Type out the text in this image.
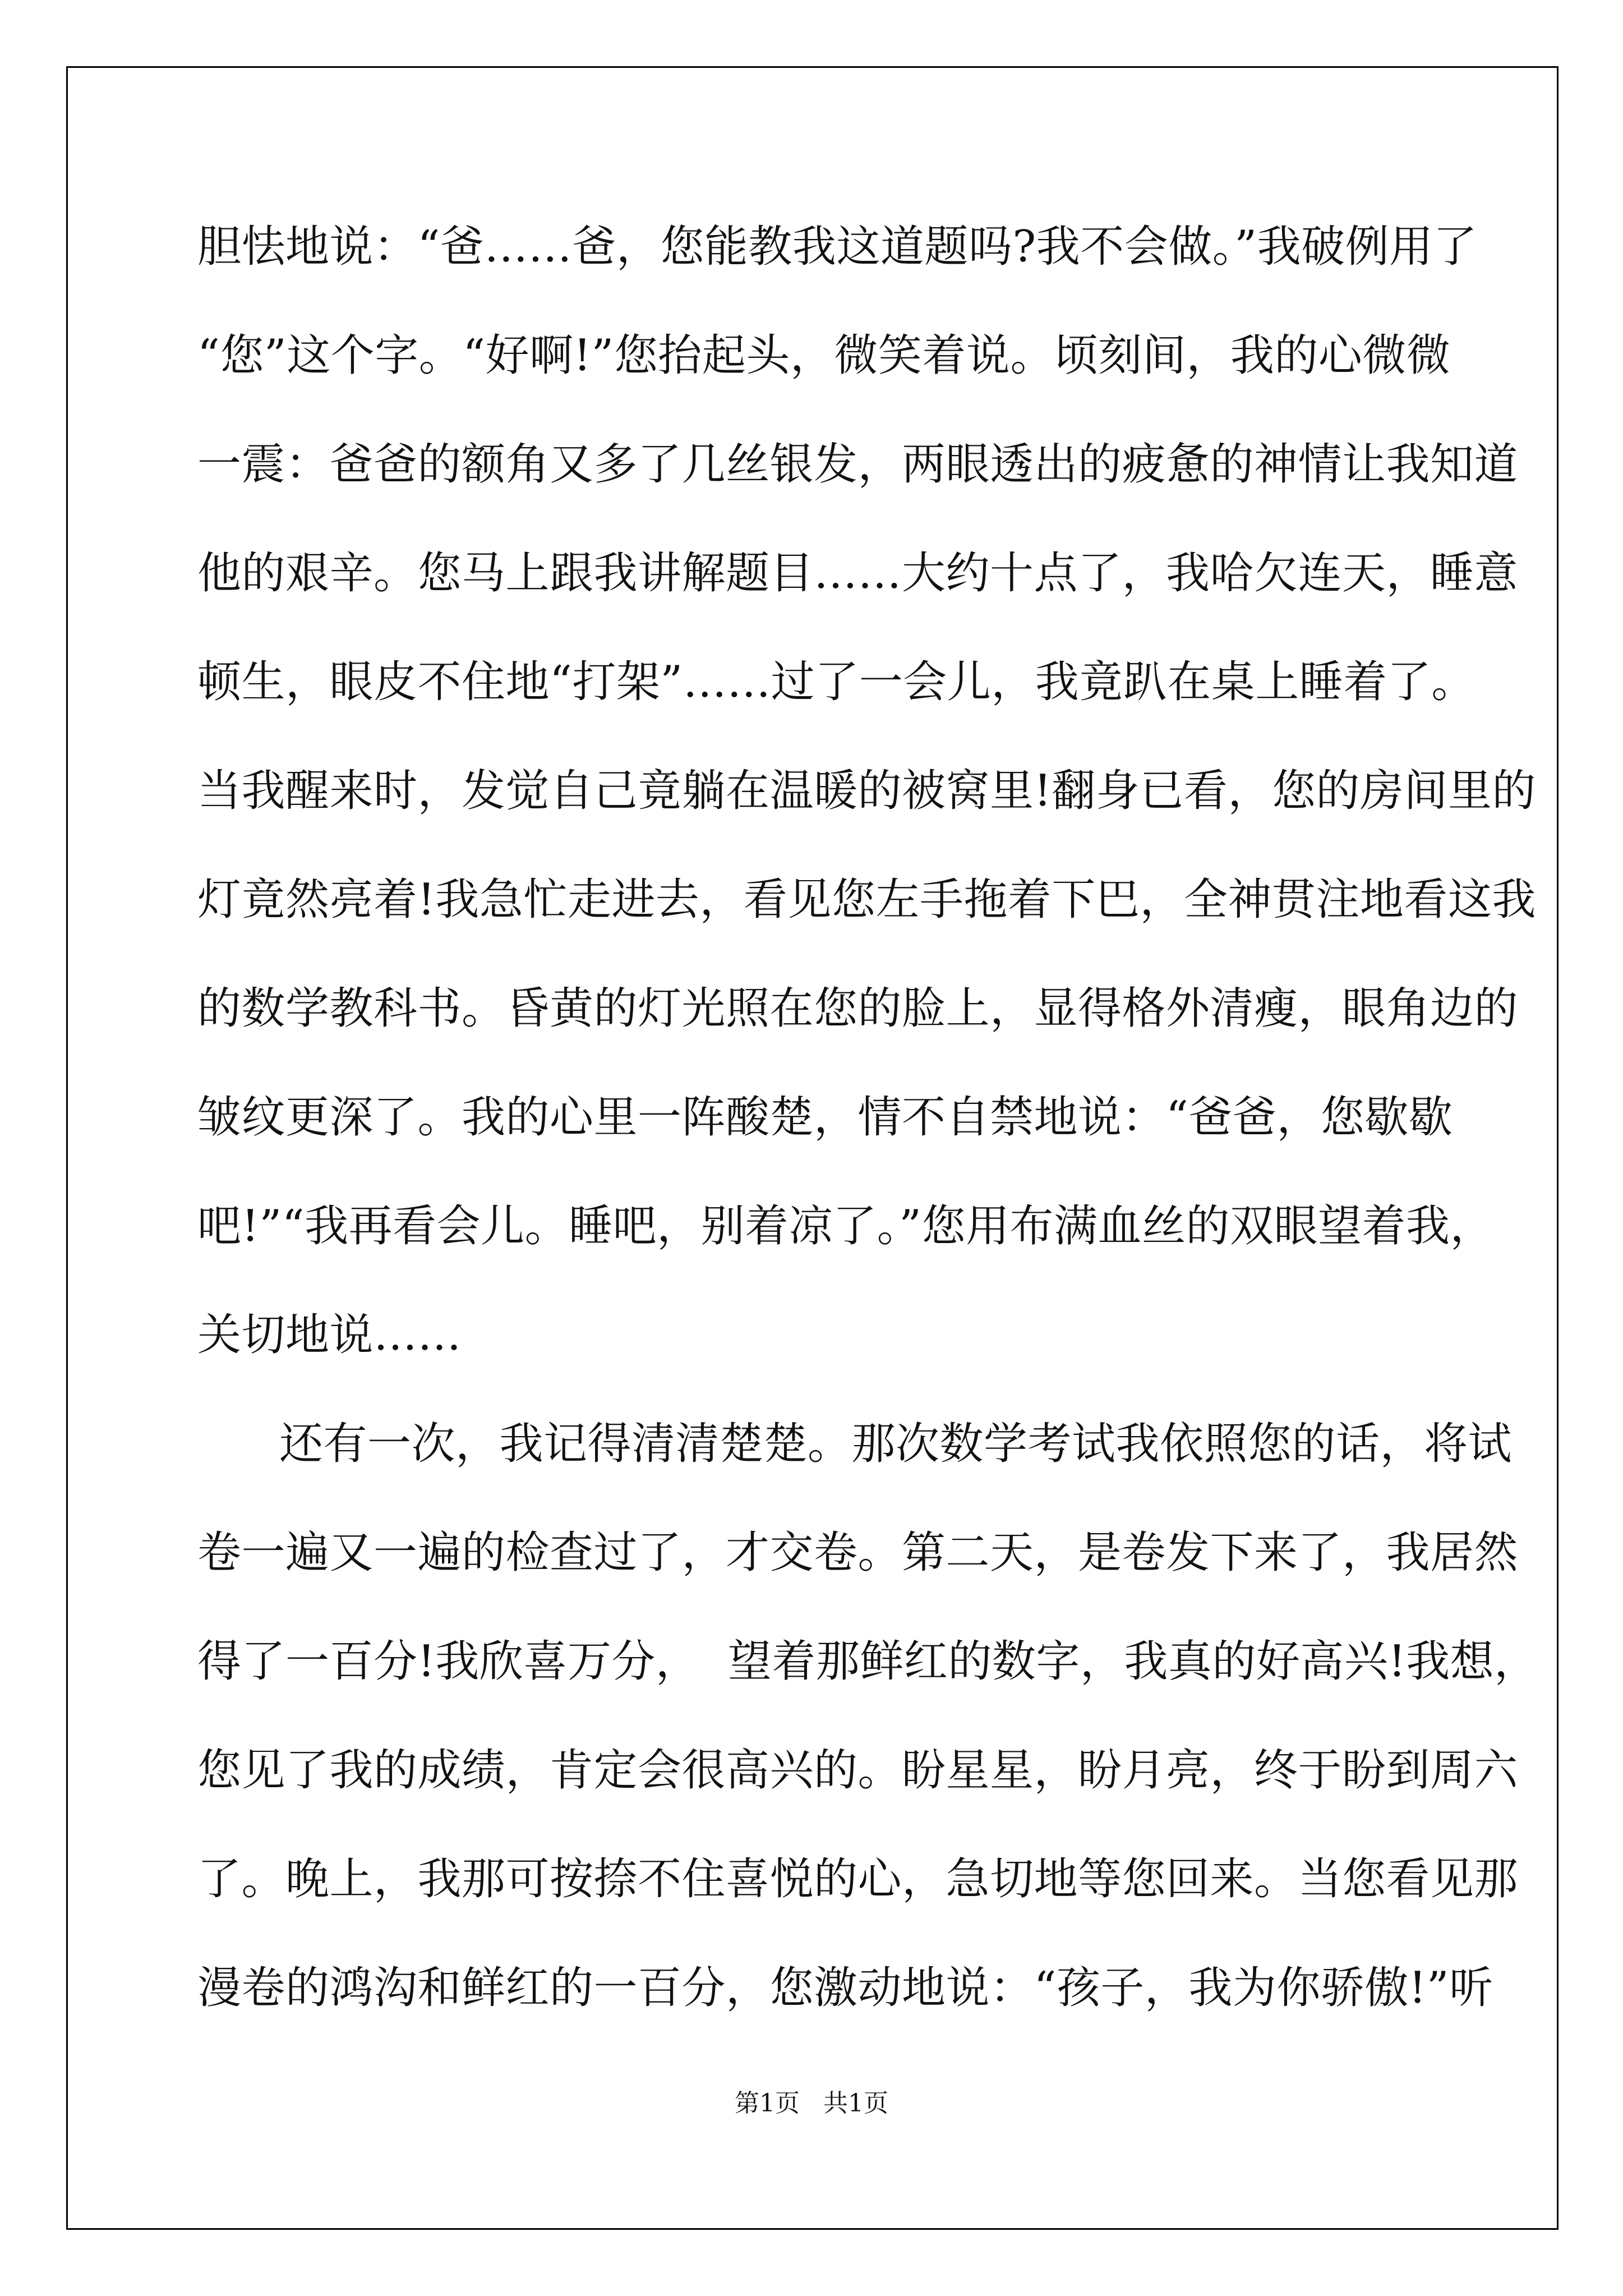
胆怯地说：“爸……爸，您能教我这道题吗?我不会做。”我破例用了
“您”这个字。“好啊!”您抬起头，微笑着说。顷刻间，我的心微微
一震：爸爸的额角又多了几丝银发，两眼透出的疲惫的神情让我知道
他的艰辛。您马上跟我讲解题目……大约十点了，我哈欠连天，睡意
顿生，眼皮不住地“打架”……过了一会儿，我竟趴在桌上睡着了。
当我醒来时，发觉自己竟躺在温暖的被窝里!翻身已看，您的房间里的
灯竟然亮着!我急忙走进去，看见您左手拖着下巴，全神贯注地看这我
的数学教科书。昏黄的灯光照在您的脸上，显得格外清瘦，眼角边的
皱纹更深了。我的心里一阵酸楚，情不自禁地说：“爸爸，您歇歇
吧!”“我再看会儿。睡吧，别着凉了。”您用布满血丝的双眼望着我，
关切地说……
还有一次，我记得清清楚楚。那次数学考试我依照您的话，将试
卷一遍又一遍的检查过了，才交卷。第二天，是卷发下来了，我居然
得了一百分!我欣喜万分，  望着那鲜红的数字，我真的好高兴!我想，
您见了我的成绩，肯定会很高兴的。盼星星，盼月亮，终于盼到周六
了。晚上，我那可按捺不住喜悦的心，急切地等您回来。当您看见那
漫卷的鸿沟和鲜红的一百分，您激动地说：“孩子，我为你骄傲!”听
第1页   共1页
